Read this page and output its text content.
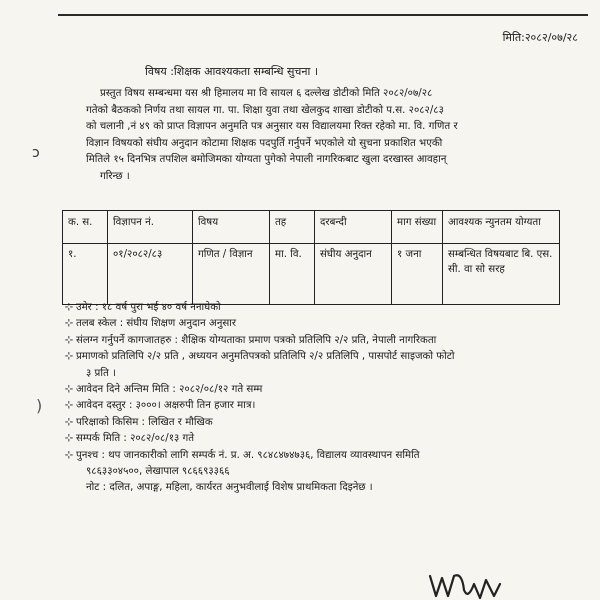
मिति:२०८२/०७/२८
ↄ
विषय :शिक्षक आवश्यकता सम्बन्धि सुचना ।
प्रस्तुत विषय सम्बन्धमा यस श्री हिमालय मा वि सायल ६ दल्लेख डोटीको मिति २०८२/०७/२८
गतेको बैठकको निर्णय तथा सायल गा. पा. शिक्षा युवा तथा खेलकुद शाखा डोटीको प.स. २०८२/८३
को चलानी ,नं ४९ को प्राप्त विज्ञापन अनुमति पत्र अनुसार यस विद्यालयमा रिक्त रहेको मा. वि. गणित र
विज्ञान विषयको संघीय अनुदान कोटामा शिक्षक पदपुर्ति गर्नुपर्ने भएकोले यो सुचना प्रकाशित भएकी
मितिले १५ दिनभित्र तपशिल बमोजिमका योग्यता पुगेको नेपाली नागरिकबाट खुला दरखास्त आवहान्
गरिन्छ ।
क. स.	विज्ञापन नं.	विषय	तह	दरबन्दी	माग संख्या	आवश्यक न्युनतम योग्यता
१.	०१/२०८२/८३	गणित / विज्ञान	मा. वि.	संघीय अनुदान	१ जना	सम्बन्धित विषयबाट बि. एस. सी. वा सो सरह
⊹ उमेर : १८ वर्ष पुरा भई ४० वर्ष ननाघेको
⊹ तलब स्केल : संघीय शिक्षण अनुदान अनुसार
⊹ संलग्न गर्नुपर्ने कागजातहरु : शैक्षिक योग्यताका प्रमाण पत्रको प्रतिलिपि २/२ प्रति, नेपाली नागरिकता
⊹ प्रमाणको प्रतिलिपि २/२ प्रति , अध्ययन अनुमतिपत्रको प्रतिलिपि २/२ प्रतिलिपि , पासपोर्ट साइजको फोटो
३ प्रति ।
⊹ आवेदन दिने अन्तिम मिति : २०८२/०८/१२ गते सम्म
⊹ आवेदन दस्तुर : ३०००। अक्षरुपी तिन हजार मात्र।
⊹ परिक्षाको किसिम : लिखित र मौखिक
⊹ सम्पर्क मिति : २०८२/०८/१३ गते
⊹ पुनश्च : थप जानकारीको लागि सम्पर्क नं. प्र. अ. ९८४८४७४७३६, विद्यालय व्यावस्थापन समिति
९८६३३०४५००, लेखापाल ९८६६९३३६६
नोट : दलित, अपाङ्ग, महिला, कार्यरत अनुभवीलाई विशेष प्राथमिकता दिइनेछ ।
)
